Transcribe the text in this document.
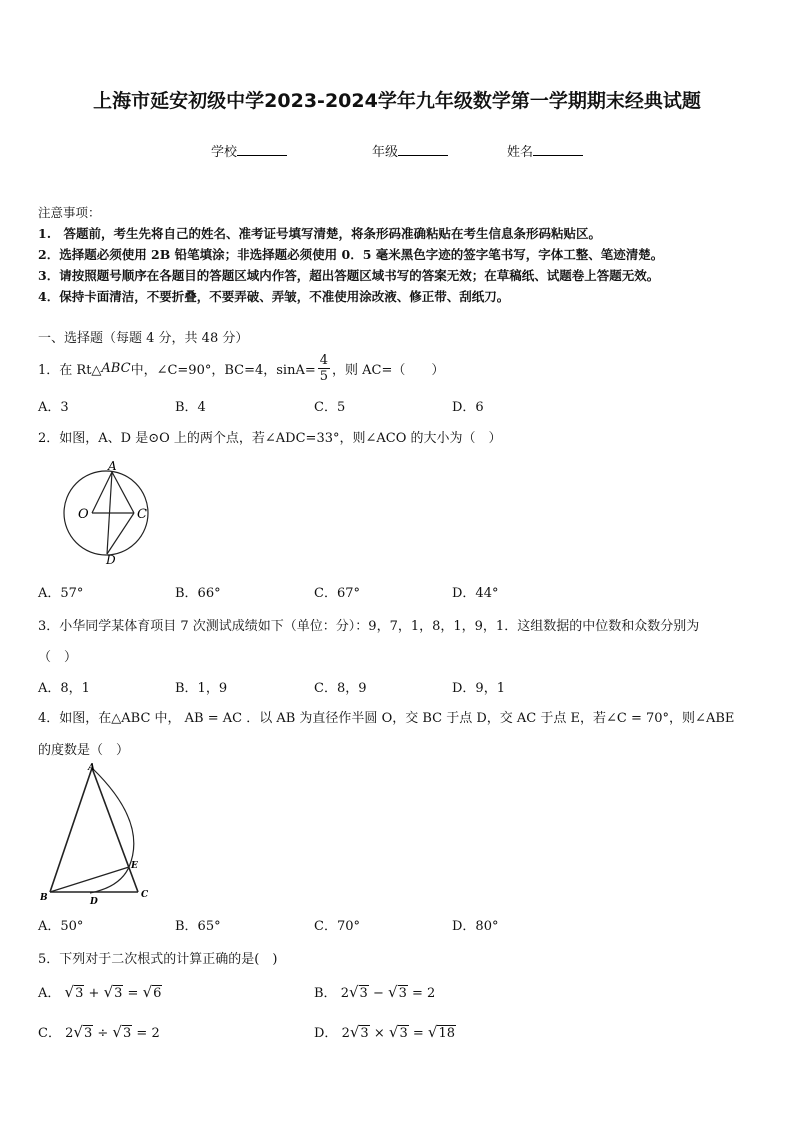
上海市延安初级中学2023-2024学年九年级数学第一学期期末经典试题
学校	年级	姓名
注意事项：
1.　答题前，考生先将自己的姓名、准考证号填写清楚，将条形码准确粘贴在考生信息条形码粘贴区。
2．选择题必须使用 2B 铅笔填涂；非选择题必须使用 0．5 毫米黑色字迹的签字笔书写，字体工整、笔迹清楚。
3．请按照题号顺序在各题目的答题区域内作答，超出答题区域书写的答案无效；在草稿纸、试题卷上答题无效。
4．保持卡面清洁，不要折叠，不要弄破、弄皱，不准使用涂改液、修正带、刮纸刀。
一、选择题（每题 4 分，共 48 分）
1．在 Rt△ ABC 中，∠C=90°，BC=4，$\sin A= \frac{4}{5}$ ，则 AC=（　　）
A．3	B．4	C．5	D．6
2．如图，A、D 是⊙O 上的两个点，若∠ADC=33°，则∠ACO 的大小为（　）
A
O	C
D
A．57°	B．66°	C．67°	D．44°
3．小华同学某体育项目 7 次测试成绩如下（单位：分）：9，7，1，8，1，9，1．这组数据的中位数和众数分别为
（　）
A．8，1	B．1，9	C．8，9	D．9，1
4．如图，在△ABC 中， AB = AC ．以 AB 为直径作半圆 O，交 BC 于点 D，交 AC 于点 E，若∠C = 70°，则∠ABE
的度数是（　）
A
B	C
D
E
A．50°	B．65°	C．70°	D．80°
5．下列对于二次根式的计算正确的是(　)
A． √3 + √3 = √6	B． 2√3 − √3 = 2
C． 2√3 ÷ √3 = 2	D． 2√3 × √3 = √18
